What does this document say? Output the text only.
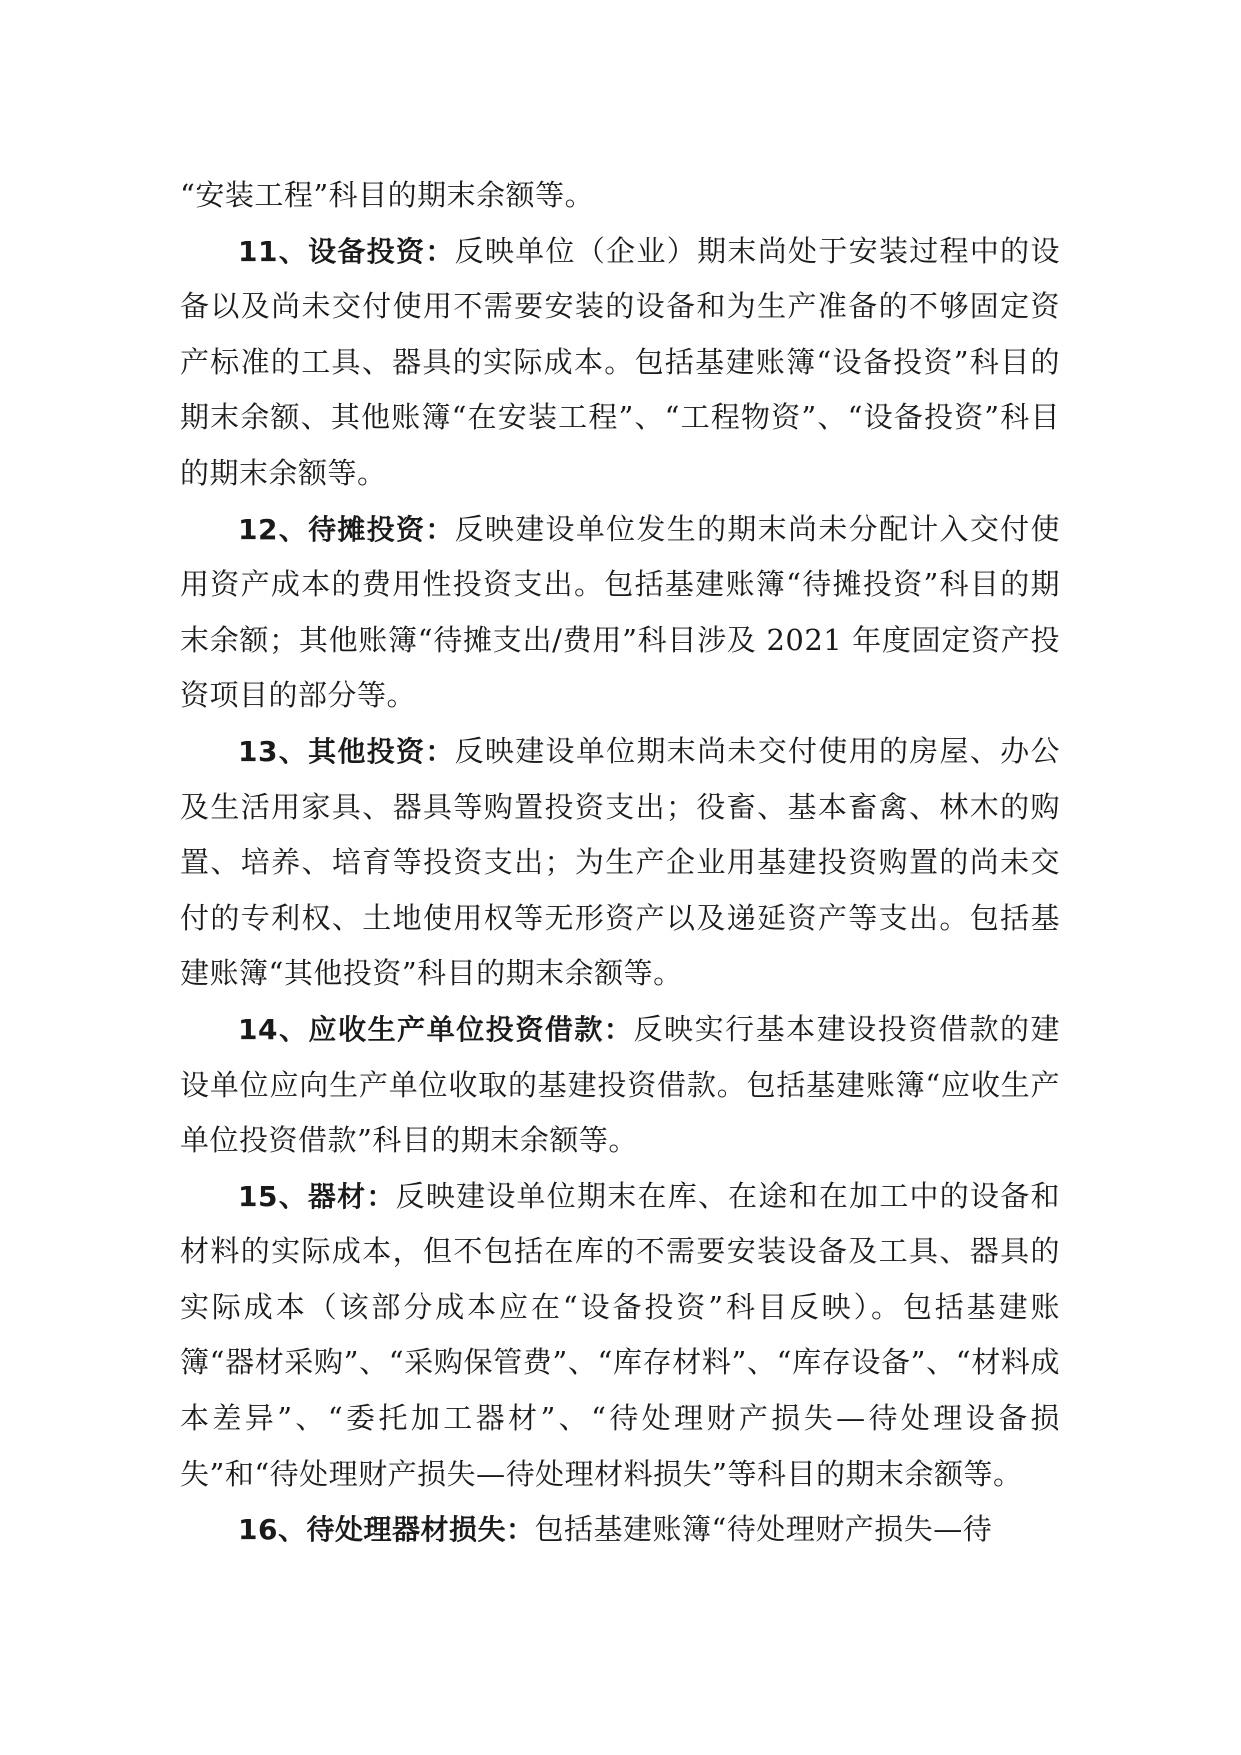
“安装工程”科目的期末余额等。

11、设备投资：反映单位（企业）期末尚处于安装过程中的设备以及尚未交付使用不需要安装的设备和为生产准备的不够固定资产标准的工具、器具的实际成本。包括基建账簿“设备投资”科目的期末余额、其他账簿“在安装工程”、“工程物资”、“设备投资”科目的期末余额等。

12、待摊投资：反映建设单位发生的期末尚未分配计入交付使用资产成本的费用性投资支出。包括基建账簿“待摊投资”科目的期末余额；其他账簿“待摊支出/费用”科目涉及 2021 年度固定资产投资项目的部分等。

13、其他投资：反映建设单位期末尚未交付使用的房屋、办公及生活用家具、器具等购置投资支出；役畜、基本畜禽、林木的购置、培养、培育等投资支出；为生产企业用基建投资购置的尚未交付的专利权、土地使用权等无形资产以及递延资产等支出。包括基建账簿“其他投资”科目的期末余额等。

14、应收生产单位投资借款：反映实行基本建设投资借款的建设单位应向生产单位收取的基建投资借款。包括基建账簿“应收生产单位投资借款”科目的期末余额等。

15、器材：反映建设单位期末在库、在途和在加工中的设备和材料的实际成本，但不包括在库的不需要安装设备及工具、器具的实际成本（该部分成本应在“设备投资”科目反映）。包括基建账簿“器材采购”、“采购保管费”、“库存材料”、“库存设备”、“材料成本差异”、“委托加工器材”、“待处理财产损失—待处理设备损失”和“待处理财产损失—待处理材料损失”等科目的期末余额等。

16、待处理器材损失：包括基建账簿“待处理财产损失—待
